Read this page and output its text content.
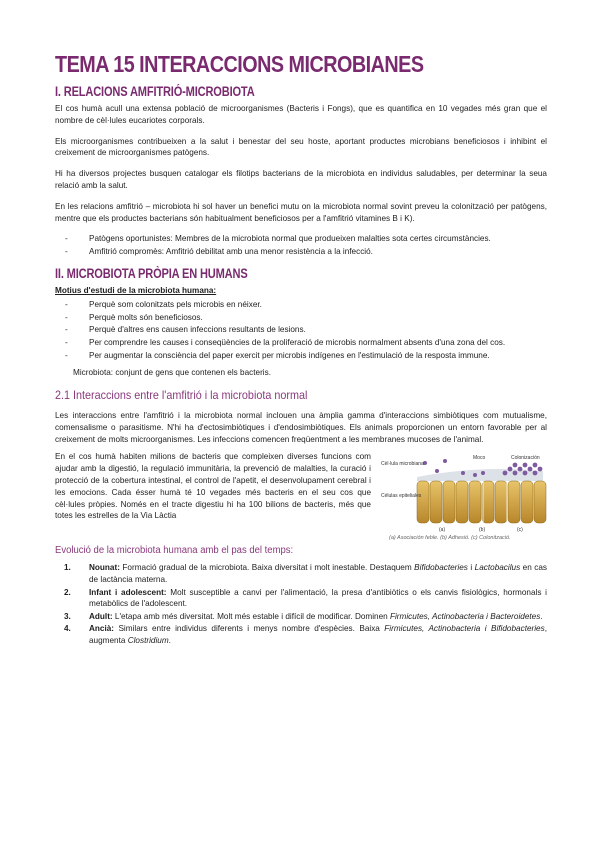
TEMA 15 INTERACCIONS MICROBIANES
I. RELACIONS AMFITRIÓ-MICROBIOTA

El cos humà acull una extensa població de microorganismes (Bacteris i Fongs), que es quantifica en 10 vegades més gran que el nombre de cèl·lules eucariotes corporals.

Els microorganismes contribueixen a la salut i benestar del seu hoste, aportant productes microbians beneficiosos i inhibint el creixement de microorganismes patògens.

Hi ha diversos projectes busquen catalogar els filotips bacterians de la microbiota en individus saludables, per determinar la seua relació amb la salut.

En les relacions amfitrió – microbiota hi sol haver un benefici mutu on la microbiota normal sovint preveu la colonització per patògens, mentre que els productes bacterians són habitualment beneficiosos per a l'amfitrió vitamines B i K).

- Patògens oportunistes: Membres de la microbiota normal que produeixen malalties sota certes circumstàncies.
- Amfitrió compromès: Amfitrió debilitat amb una menor resistència a la infecció.
II. MICROBIOTA PRÒPIA EN HUMANS
Motius d'estudi de la microbiota humana:
- Perquè som colonitzats pels microbis en néixer.
- Perquè molts són beneficiosos.
- Perquè d'altres ens causen infeccions resultants de lesions.
- Per comprendre les causes i conseqüències de la proliferació de microbis normalment absents d'una zona del cos.
- Per augmentar la consciència del paper exercit per microbis indígenes en l'estimulació de la resposta immune.

Microbiota: conjunt de gens que contenen els bacteris.

2.1 Interaccions entre l'amfitrió i la microbiota normal

Les interaccions entre l'amfitrió i la microbiota normal inclouen una àmplia gamma d'interaccions simbiòtiques com mutualisme, comensalisme o parasitisme. N'hi ha d'ectosimbiòtiques i d'endosimbiòtiques. Els animals proporcionen un entorn favorable per al creixement de molts microorganismes. Les infeccions comencen freqüentment a les membranes mucoses de l'animal.

Cèl·lula microbiana
Moco	Colonización
Células epiteliales
(a)	(b)	(c)
(a) Asociación feble. (b) Adhesió. (c) Colonització.

En el cos humà habiten milions de bacteris que compleixen diverses funcions com ajudar amb la digestió, la regulació immunitària, la prevenció de malalties, la curació i protecció de la cobertura intestinal, el control de l'apetit, el desenvolupament cerebral i les emocions. Cada ésser humà té 10 vegades més bacteris en el seu cos que cèl·lules pròpies. Només en el tracte digestiu hi ha 100 bilions de bacteris, més que totes les estrelles de la Via Làctia

Evolució de la microbiota humana amb el pas del temps:
1. Nounat: Formació gradual de la microbiota. Baixa diversitat i molt inestable. Destaquem Bifidobacteries i Lactobacilus en cas de lactància materna.
2. Infant i adolescent: Molt susceptible a canvi per l'alimentació, la presa d'antibiòtics o els canvis fisiològics, hormonals i metabòlics de l'adolescent.
3. Adult: L'etapa amb més diversitat. Molt més estable i difícil de modificar. Dominen Firmicutes, Actinobacteria i Bacteroidetes.
4. Ancià: Similars entre individus diferents i menys nombre d'espècies. Baixa Firmicutes, Actinobacteria i Bifidobacteries, augmenta Clostridium.
